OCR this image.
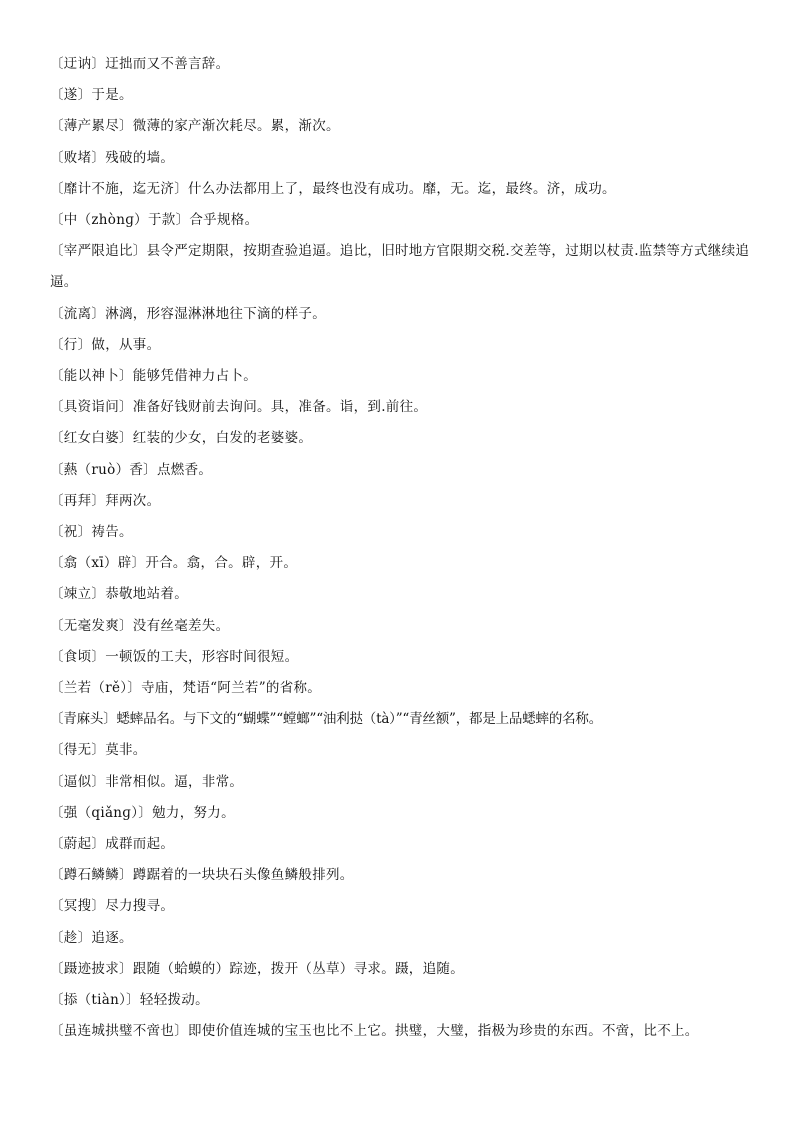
〔迂讷〕迂拙而又不善言辞。
〔遂〕于是。
〔薄产累尽〕微薄的家产渐次耗尽。累，渐次。
〔败堵〕残破的墙。
〔靡计不施，迄无济〕什么办法都用上了，最终也没有成功。靡，无。迄，最终。济，成功。
〔中（zhònɡ）于款〕合乎规格。
〔宰严限追比〕县令严定期限，按期查验追逼。追比，旧时地方官限期交税.交差等，过期以杖责.监禁等方式继续追逼。
〔流离〕淋漓，形容湿淋淋地往下滴的样子。
〔行〕做，从事。
〔能以神卜〕能够凭借神力占卜。
〔具资诣问〕准备好钱财前去询问。具，准备。诣，到.前往。
〔红女白婆〕红装的少女，白发的老婆婆。
〔爇（ruò）香〕点燃香。
〔再拜〕拜两次。
〔祝〕祷告。
〔翕（xī）辟〕开合。翕，合。辟，开。
〔竦立〕恭敬地站着。
〔无毫发爽〕没有丝毫差失。
〔食顷〕一顿饭的工夫，形容时间很短。
〔兰若（rě）〕寺庙，梵语“阿兰若”的省称。
〔青麻头〕蟋蟀品名。与下文的“蝴蝶”“螳螂”“油利挞（tà）”“青丝额”，都是上品蟋蟀的名称。
〔得无〕莫非。
〔逼似〕非常相似。逼，非常。
〔强（qiǎnɡ）〕勉力，努力。
〔蔚起〕成群而起。
〔蹲石鳞鳞〕蹲踞着的一块块石头像鱼鳞般排列。
〔冥搜〕尽力搜寻。
〔趁〕追逐。
〔蹑迹披求〕跟随（蛤蟆的）踪迹，拨开（丛草）寻求。蹑，追随。
〔掭（tiàn）〕轻轻拨动。
〔虽连城拱璧不啻也〕即使价值连城的宝玉也比不上它。拱璧，大璧，指极为珍贵的东西。不啻，比不上。
